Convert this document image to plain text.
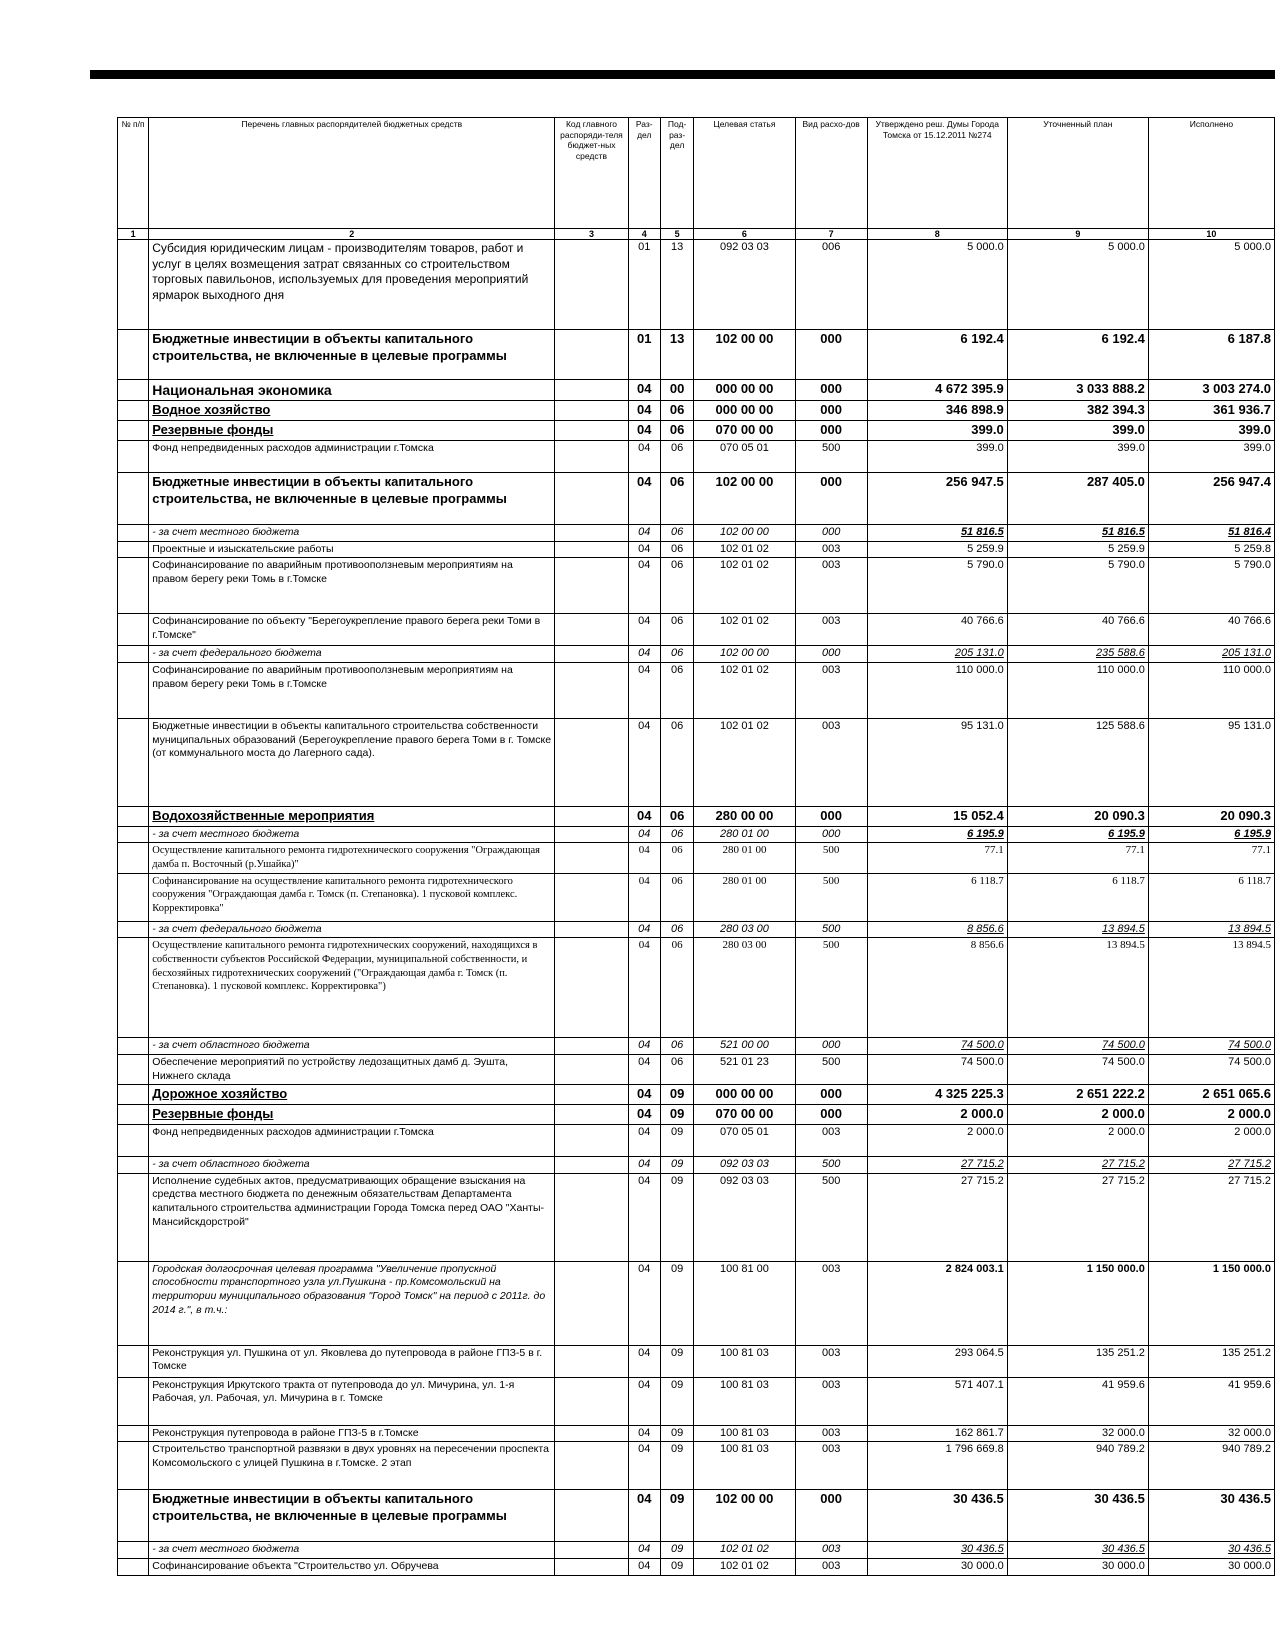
№ п/п	Перечень главных распорядителей бюджетных средств	Код главного распоряди-теля бюджет-ных средств	Раз-дел	Под-раз-дел	Целевая статья	Вид расхо-дов	Утверждено реш. Думы Города Томска от 15.12.2011 №274	Уточненный план	Исполнено
1	2	3	4	5	6	7	8	9	10
	Субсидия юридическим лицам - производителям товаров, работ и услуг в целях возмещения затрат связанных со строительством торговых павильонов, используемых для проведения мероприятий ярмарок выходного дня		01	13	092 03 03	006	5 000.0	5 000.0	5 000.0
	Бюджетные инвестиции в объекты капитального строительства, не включенные в целевые программы		01	13	102 00 00	000	6 192.4	6 192.4	6 187.8
	Национальная экономика		04	00	000 00 00	000	4 672 395.9	3 033 888.2	3 003 274.0
	Водное хозяйство		04	06	000 00 00	000	346 898.9	382 394.3	361 936.7
	Резервные фонды		04	06	070 00 00	000	399.0	399.0	399.0
	Фонд непредвиденных расходов администрации г.Томска		04	06	070 05 01	500	399.0	399.0	399.0
	Бюджетные инвестиции в объекты капитального строительства, не включенные в целевые программы		04	06	102 00 00	000	256 947.5	287 405.0	256 947.4
	- за счет местного бюджета		04	06	102 00 00	000	51 816.5	51 816.5	51 816.4
	Проектные и изыскательские работы		04	06	102 01 02	003	5 259.9	5 259.9	5 259.8
	Софинансирование по аварийным противооползневым мероприятиям на правом берегу реки Томь в г.Томске		04	06	102 01 02	003	5 790.0	5 790.0	5 790.0
	Софинансирование по объекту "Берегоукрепление правого берега реки Томи в г.Томске"		04	06	102 01 02	003	40 766.6	40 766.6	40 766.6
	- за счет федерального бюджета		04	06	102 00 00	000	205 131.0	235 588.6	205 131.0
	Софинансирование по аварийным противооползневым мероприятиям на правом берегу реки Томь в г.Томске		04	06	102 01 02	003	110 000.0	110 000.0	110 000.0
	Бюджетные инвестиции в объекты капитального строительства собственности муниципальных образований (Берегоукрепление правого берега Томи в г. Томске (от коммунального моста до Лагерного сада).		04	06	102 01 02	003	95 131.0	125 588.6	95 131.0
	Водохозяйственные мероприятия		04	06	280 00 00	000	15 052.4	20 090.3	20 090.3
	- за счет местного бюджета		04	06	280 01 00	000	6 195.9	6 195.9	6 195.9
	Осуществление капитального ремонта гидротехнического сооружения "Ограждающая дамба п. Восточный (р.Ушайка)"		04	06	280 01 00	500	77.1	77.1	77.1
	Софинансирование на осуществление капитального ремонта гидротехнического сооружения "Ограждающая дамба г. Томск (п. Степановка). 1 пусковой комплекс. Корректировка"		04	06	280 01 00	500	6 118.7	6 118.7	6 118.7
	- за счет федерального бюджета		04	06	280 03 00	500	8 856.6	13 894.5	13 894.5
	Осуществление капитального ремонта гидротехнических сооружений, находящихся в собственности субъектов Российской Федерации, муниципальной собственности, и бесхозяйных гидротехнических сооружений ("Ограждающая дамба г. Томск (п. Степановка). 1 пусковой комплекс. Корректировка")		04	06	280 03 00	500	8 856.6	13 894.5	13 894.5
	- за счет областного бюджета		04	06	521 00 00	000	74 500.0	74 500.0	74 500.0
	Обеспечение мероприятий по устройству ледозащитных дамб д. Эушта, Нижнего склада		04	06	521 01 23	500	74 500.0	74 500.0	74 500.0
	Дорожное хозяйство		04	09	000 00 00	000	4 325 225.3	2 651 222.2	2 651 065.6
	Резервные фонды		04	09	070 00 00	000	2 000.0	2 000.0	2 000.0
	Фонд непредвиденных расходов администрации г.Томска		04	09	070 05 01	003	2 000.0	2 000.0	2 000.0
	- за счет областного бюджета		04	09	092 03 03	500	27 715.2	27 715.2	27 715.2
	Исполнение судебных актов, предусматривающих обращение взыскания на средства местного бюджета по денежным обязательствам Департамента капитального строительства администрации Города Томска перед ОАО "Ханты-Мансийскдорстрой"		04	09	092 03 03	500	27 715.2	27 715.2	27 715.2
	Городская долгосрочная целевая программа "Увеличение пропускной способности транспортного узла ул.Пушкина - пр.Комсомольский на территории муниципального образования "Город Томск" на период с 2011г. до 2014 г.", в т.ч.:		04	09	100 81 00	003	2 824 003.1	1 150 000.0	1 150 000.0
	Реконструкция ул. Пушкина от ул. Яковлева до путепровода в районе ГПЗ-5 в г. Томске		04	09	100 81 03	003	293 064.5	135 251.2	135 251.2
	Реконструкция Иркутского тракта от путепровода до ул. Мичурина, ул. 1-я Рабочая, ул. Рабочая, ул. Мичурина в г. Томске		04	09	100 81 03	003	571 407.1	41 959.6	41 959.6
	Реконструкция путепровода в районе ГПЗ-5 в г.Томске		04	09	100 81 03	003	162 861.7	32 000.0	32 000.0
	Строительство транспортной развязки в двух уровнях на пересечении проспекта Комсомольского с улицей Пушкина в г.Томске. 2 этап		04	09	100 81 03	003	1 796 669.8	940 789.2	940 789.2
	Бюджетные инвестиции в объекты капитального строительства, не включенные в целевые программы		04	09	102 00 00	000	30 436.5	30 436.5	30 436.5
	- за счет местного бюджета		04	09	102 01 02	003	30 436.5	30 436.5	30 436.5
	Софинансирование объекта "Строительство ул. Обручева		04	09	102 01 02	003	30 000.0	30 000.0	30 000.0
